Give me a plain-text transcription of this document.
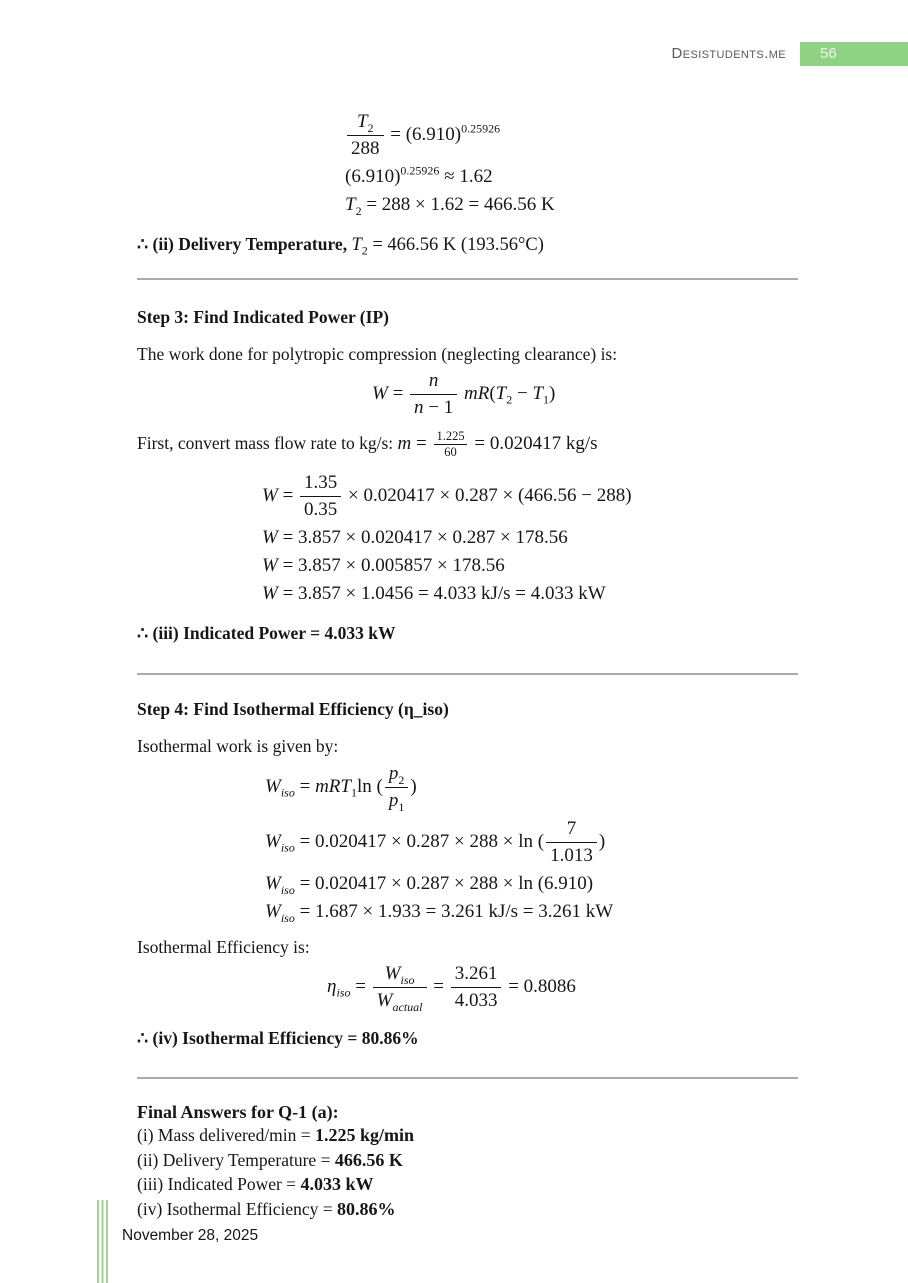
Desistudents.me	56
$\frac{T_2}{288} = (6.910)^{0.25926}$
$(6.910)^{0.25926} \approx 1.62$
$T_2 = 288 \times 1.62 = 466.56$ K
∴ (ii) Delivery Temperature, $T_2 = 466.56$ K (193.56°C)
Step 3: Find Indicated Power (IP)
The work done for polytropic compression (neglecting clearance) is:
$W = \frac{n}{n - 1} mR(T_2 - T_1)$
First, convert mass flow rate to kg/s: $m = \frac{1.225}{60} = 0.020417$ kg/s
$W = \frac{1.35}{0.35} \times 0.020417 \times 0.287 \times (466.56 - 288)$
W = 3.857 × 0.020417 × 0.287 × 178.56
W = 3.857 × 0.005857 × 178.56
W = 3.857 × 1.0456 = 4.033 kJ/s = 4.033 kW
∴ (iii) Indicated Power = 4.033 kW
Step 4: Find Isothermal Efficiency (η_iso)
Isothermal work is given by:
$W_{iso} = mRT_1\ln$ ( $\frac{p_2}{p_1}$ )
$W_{iso} = 0.020417 \times 0.287 \times 288 \times \ln$ ( $\frac{7}{1.013}$ )
$W_{iso} = 0.020417 \times 0.287 \times 288 \times \ln (6.910)$
$W_{iso} = 1.687 \times 1.933 = 3.261$ kJ/s = 3.261 kW
Isothermal Efficiency is:
$\eta_{iso} = \frac{W_{iso}}{W_{actual}} = \frac{3.261}{4.033} = 0.8086$
∴ (iv) Isothermal Efficiency = 80.86%
Final Answers for Q-1 (a):
(i) Mass delivered/min = 1.225 kg/min
(ii) Delivery Temperature = 466.56 K
(iii) Indicated Power = 4.033 kW
(iv) Isothermal Efficiency = 80.86%
November 28, 2025
